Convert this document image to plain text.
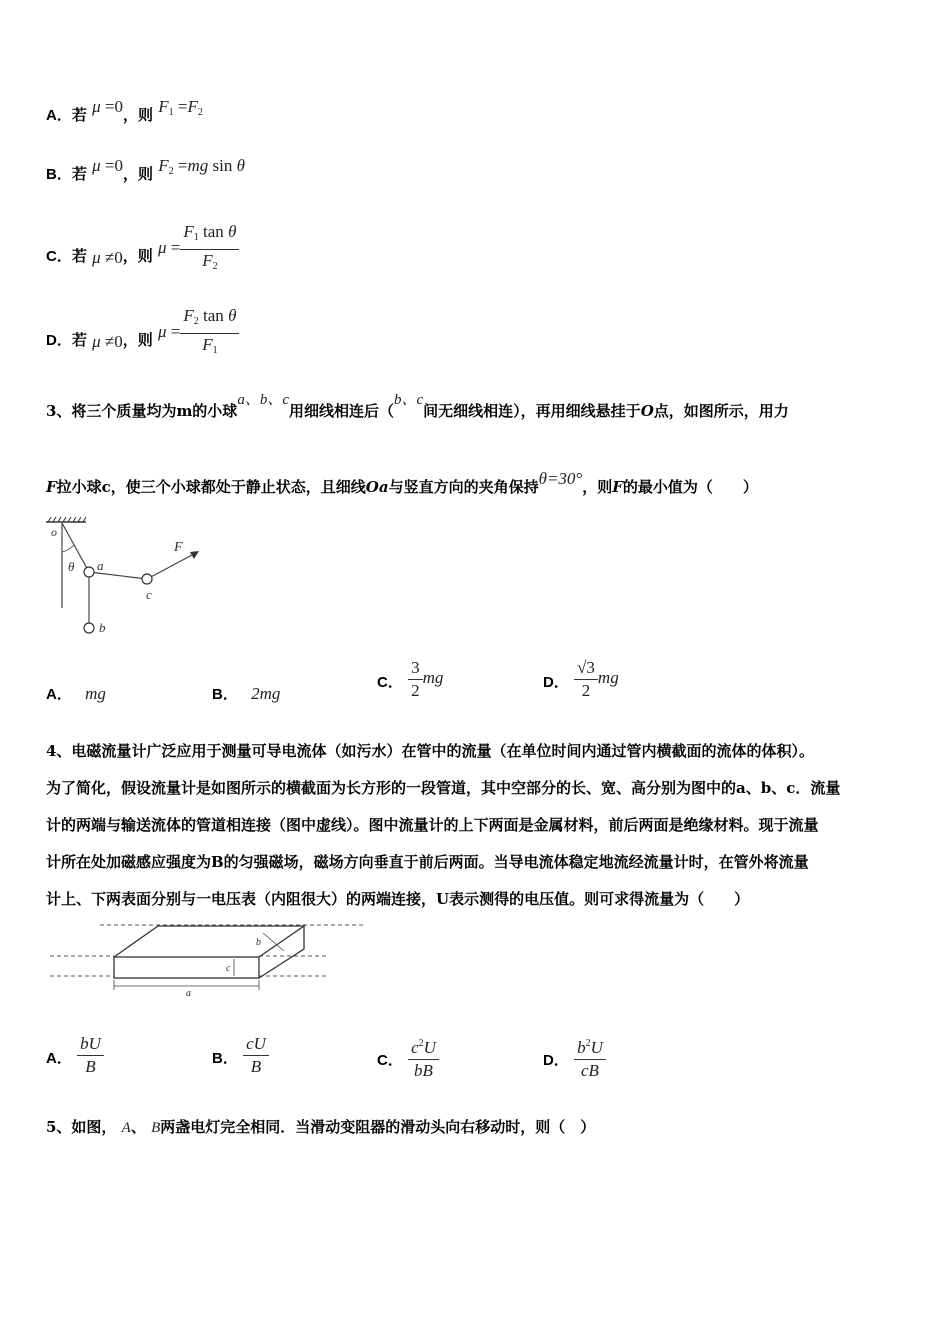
A．若 μ =0，则 $F_1 =F_2$
B．若 μ =0，则 $F_2 =mg$ sin θ
C．若 μ ≠0，则 $\mu = \frac{F_1 \tan \theta}{F_2}$
D．若 μ ≠0，则 $\mu = \frac{F_2 \tan \theta}{F_1}$
3、将三个质量均为m的小球a、b、c用细线相连后（b、c间无细线相连），再用细线悬挂于O点，如图所示，用力
F拉小球c，使三个小球都处于静止状态，且细线Oa与竖直方向的夹角保持θ=30°，则F的最小值为（　　）
o
θ a
b
c
F
A． mg	B． 2mg
C． $\frac{3}{2}$ mg	D． $\frac{√3}{2}$ mg
4、电磁流量计广泛应用于测量可导电流体（如污水）在管中的流量（在单位时间内通过管内横截面的流体的体积）。
为了简化，假设流量计是如图所示的横截面为长方形的一段管道，其中空部分的长、宽、高分别为图中的a、b、c．流量
计的两端与输送流体的管道相连接（图中虚线）。图中流量计的上下两面是金属材料，前后两面是绝缘材料。现于流量
计所在处加磁感应强度为B的匀强磁场，磁场方向垂直于前后两面。当导电流体稳定地流经流量计时，在管外将流量
计上、下两表面分别与一电压表（内阻很大）的两端连接，U表示测得的电压值。则可求得流量为（　　）
a
b
c
A． $\frac{bU}{B}$	B． $\frac{cU}{B}$	C． $\frac{c^2U}{bB}$	D． $\frac{b^2U}{cB}$
5、如图， A、 B两盏电灯完全相同．当滑动变阻器的滑动头向右移动时，则（　）
